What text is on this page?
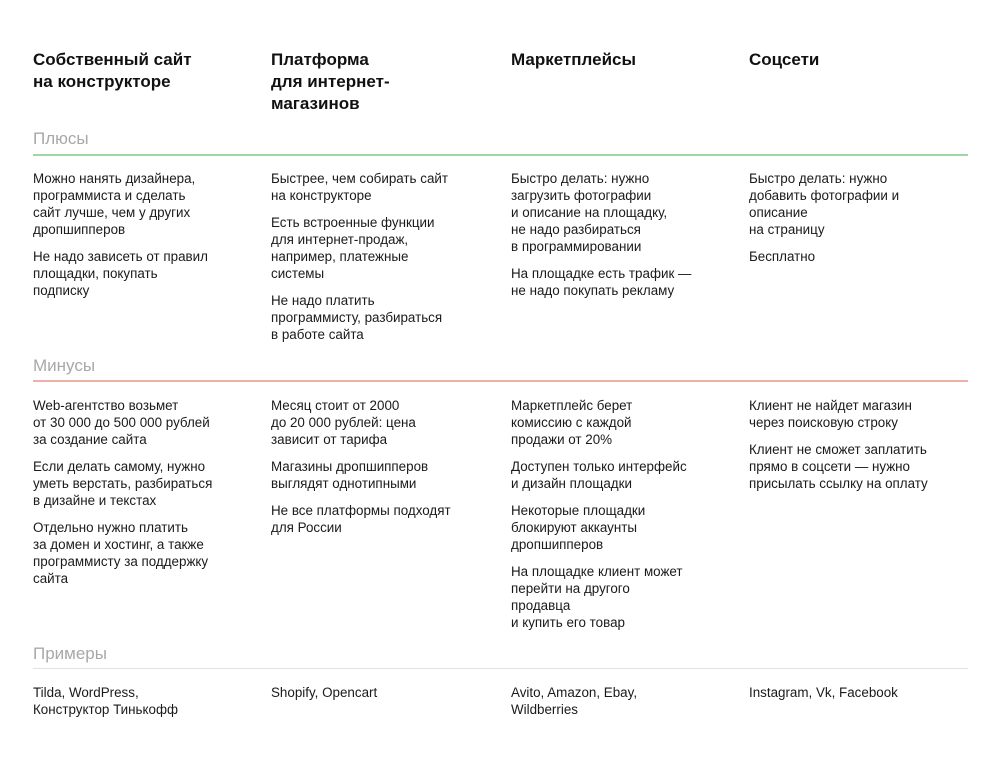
Собственный сайт
на конструкторе
Платформа
для интернет-
магазинов
Маркетплейсы	Соцсети
Плюсы

Можно нанять дизайнера,
программиста и сделать
сайт лучше, чем у других
дропшипперов

Не надо зависеть от правил
площадки, покупать
подписку

Быстрее, чем собирать сайт
на конструкторе

Есть встроенные функции
для интернет-продаж,
например, платежные
системы

Не надо платить
программисту, разбираться
в работе сайта

Быстро делать: нужно
загрузить фотографии
и описание на площадку,
не надо разбираться
в программировании

На площадке есть трафик —
не надо покупать рекламу

Быстро делать: нужно
добавить фотографии и
описание
на страницу

Бесплатно

Минусы

Web-агентство возьмет
от 30 000 до 500 000 рублей
за создание сайта

Если делать самому, нужно
уметь верстать, разбираться
в дизайне и текстах

Отдельно нужно платить
за домен и хостинг, а также
программисту за поддержку
сайта

Месяц стоит от 2000
до 20 000 рублей: цена
зависит от тарифа

Магазины дропшипперов
выглядят однотипными

Не все платформы подходят
для России

Маркетплейс берет
комиссию с каждой
продажи от 20%

Доступен только интерфейс
и дизайн площадки

Некоторые площадки
блокируют аккаунты
дропшипперов

На площадке клиент может
перейти на другого
продавца
и купить его товар

Клиент не найдет магазин
через поисковую строку

Клиент не сможет заплатить
прямо в соцсети — нужно
присылать ссылку на оплату

Примеры

Tilda, WordPress,
Конструктор Тинькофф

Shopify, Opencart	Avito, Amazon, Ebay,
Wildberries

Instagram, Vk, Facebook
